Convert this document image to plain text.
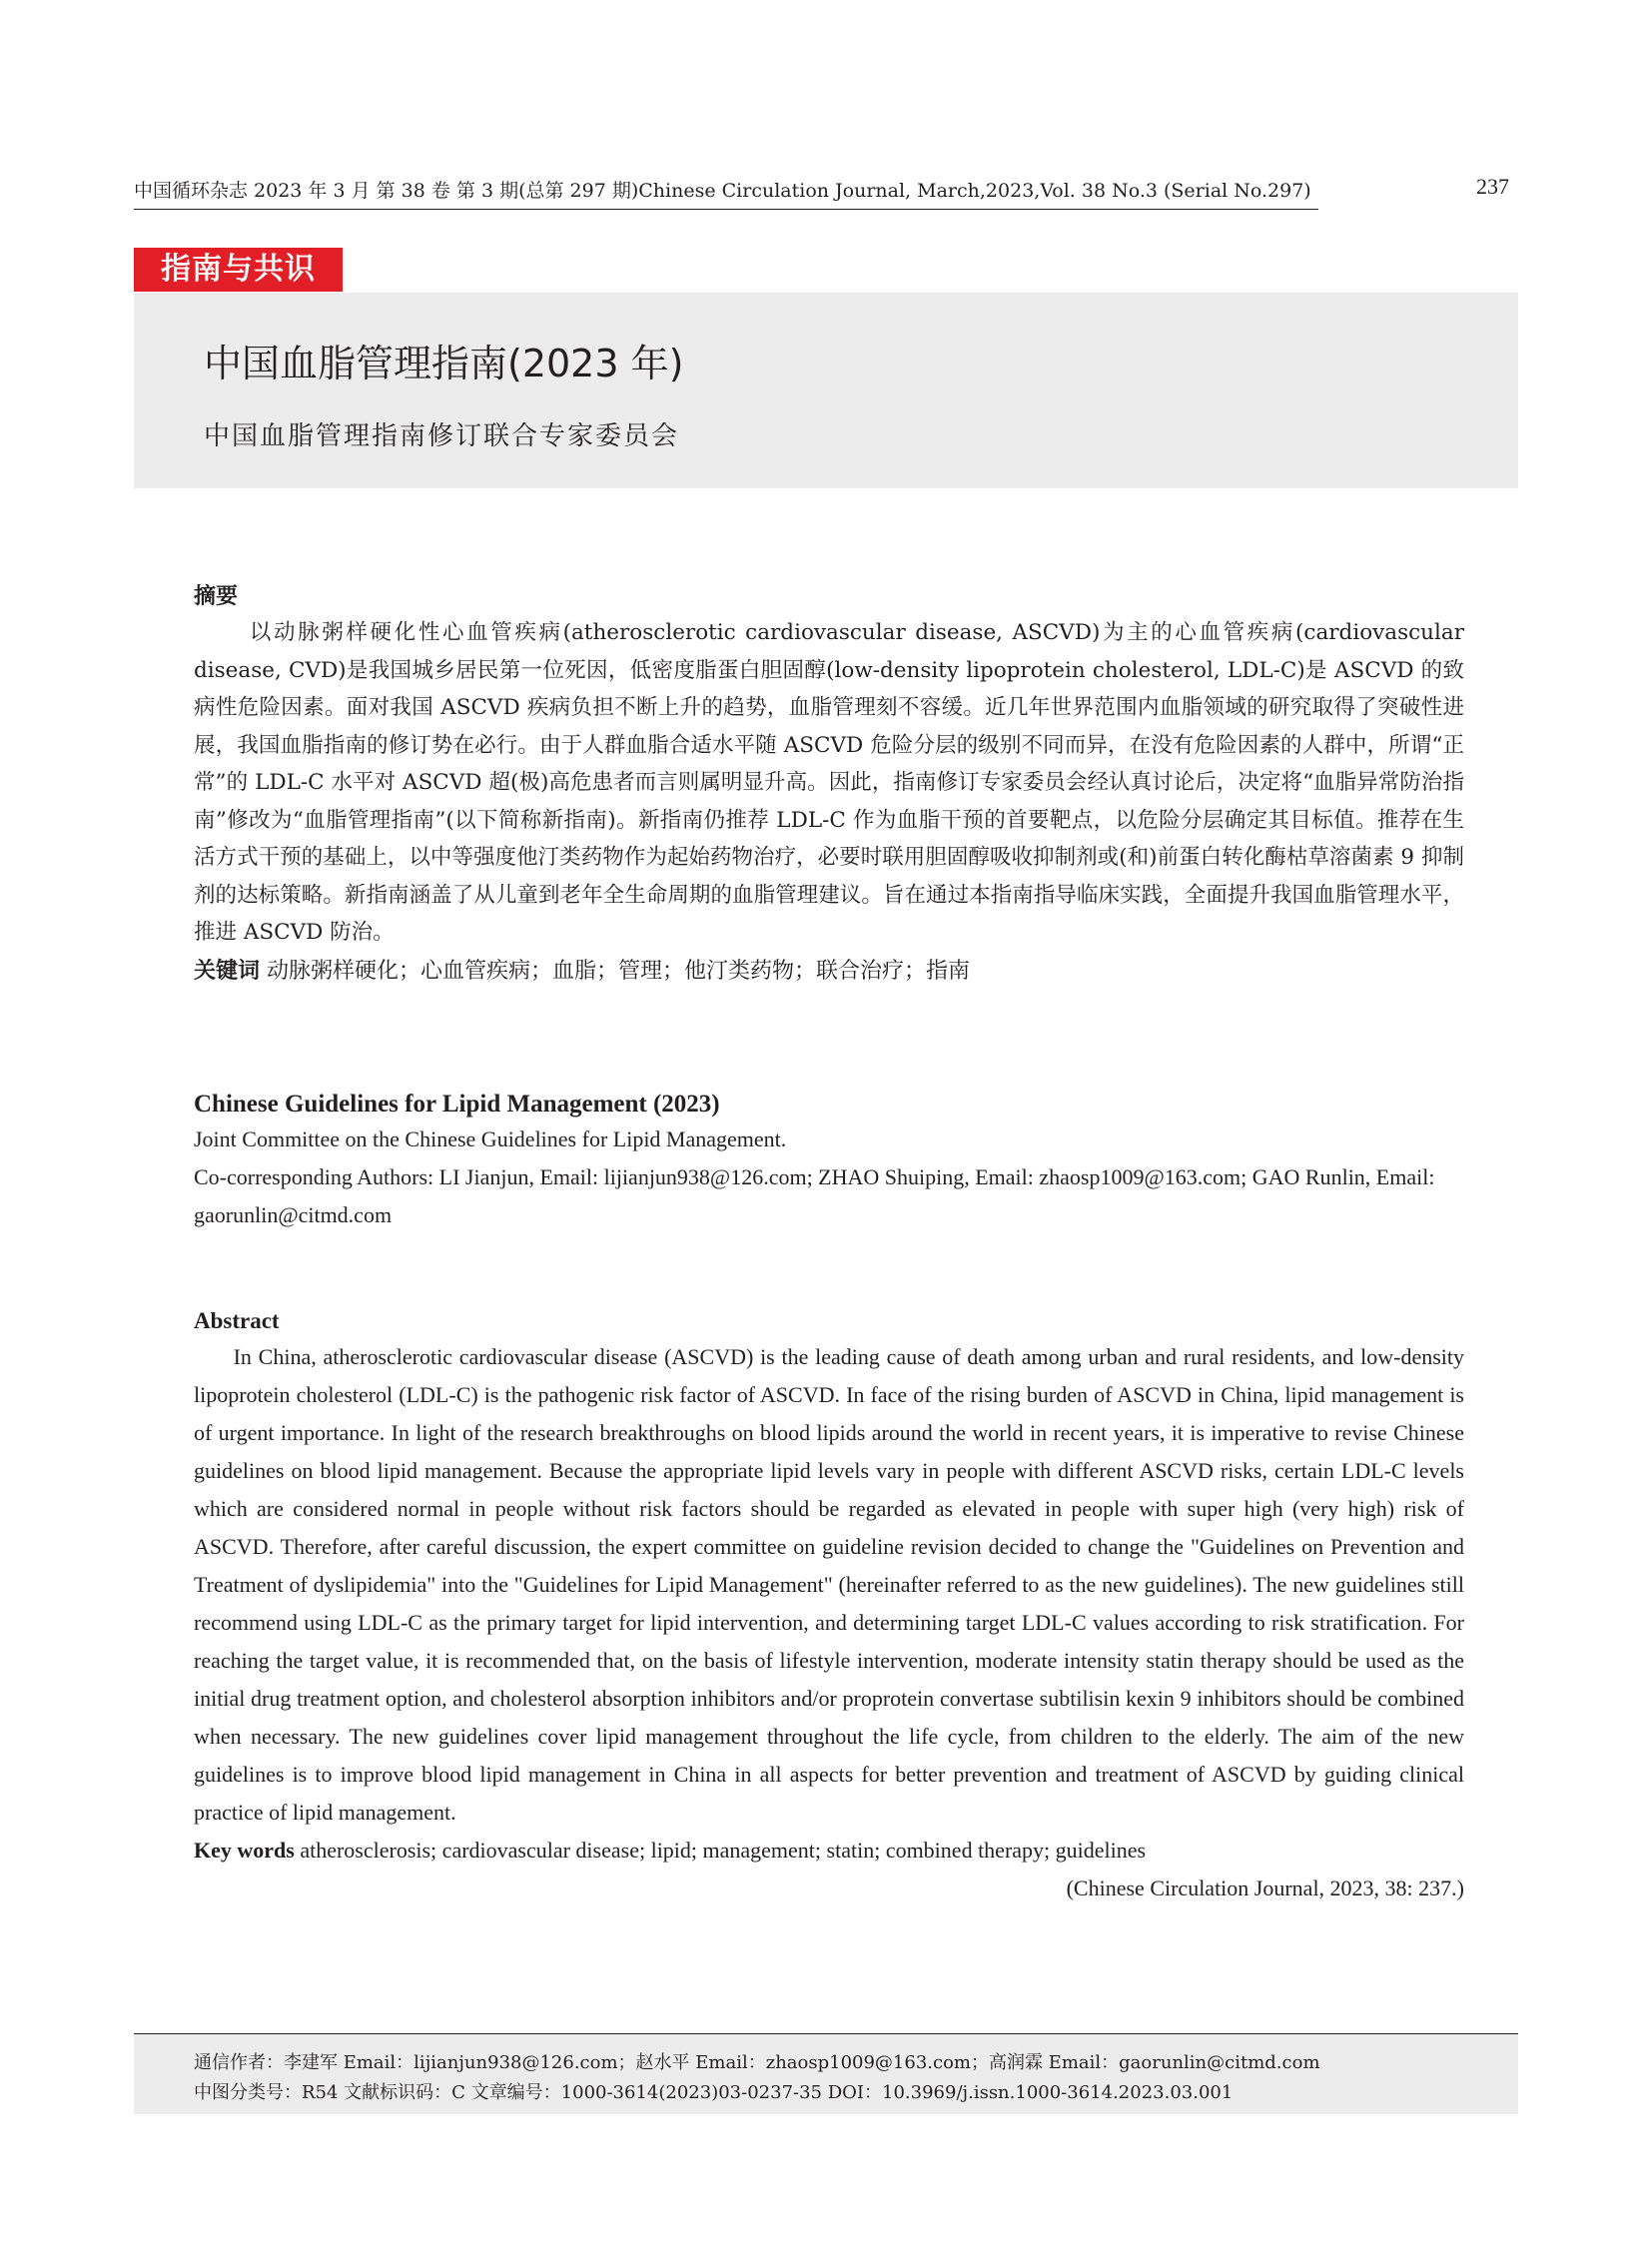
中国循环杂志 2023 年 3 月 第 38 卷 第 3 期(总第 297 期)Chinese Circulation Journal, March,2023,Vol. 38 No.3 (Serial No.297)	237
指南与共识
中国血脂管理指南(2023 年)
中国血脂管理指南修订联合专家委员会
摘要

以动脉粥样硬化性心血管疾病(atherosclerotic cardiovascular disease, ASCVD)为主的心血管疾病(cardiovascular disease, CVD)是我国城乡居民第一位死因，低密度脂蛋白胆固醇(low-density lipoprotein cholesterol, LDL-C)是 ASCVD 的致病性危险因素。面对我国 ASCVD 疾病负担不断上升的趋势，血脂管理刻不容缓。近几年世界范围内血脂领域的研究取得了突破性进展，我国血脂指南的修订势在必行。由于人群血脂合适水平随 ASCVD 危险分层的级别不同而异，在没有危险因素的人群中，所谓“正常”的 LDL-C 水平对 ASCVD 超(极)高危患者而言则属明显升高。因此，指南修订专家委员会经认真讨论后，决定将“血脂异常防治指南”修改为“血脂管理指南”(以下简称新指南)。新指南仍推荐 LDL-C 作为血脂干预的首要靶点，以危险分层确定其目标值。推荐在生活方式干预的基础上，以中等强度他汀类药物作为起始药物治疗，必要时联用胆固醇吸收抑制剂或(和)前蛋白转化酶枯草溶菌素 9 抑制剂的达标策略。新指南涵盖了从儿童到老年全生命周期的血脂管理建议。旨在通过本指南指导临床实践，全面提升我国血脂管理水平，推进 ASCVD 防治。

关键词 动脉粥样硬化；心血管疾病；血脂；管理；他汀类药物；联合治疗；指南
Chinese Guidelines for Lipid Management (2023)
Joint Committee on the Chinese Guidelines for Lipid Management.
Co-corresponding Authors: LI Jianjun, Email: lijianjun938@126.com; ZHAO Shuiping, Email: zhaosp1009@163.com; GAO Runlin, Email: gaorunlin@citmd.com
Abstract

In China, atherosclerotic cardiovascular disease (ASCVD) is the leading cause of death among urban and rural residents, and low-density lipoprotein cholesterol (LDL-C) is the pathogenic risk factor of ASCVD. In face of the rising burden of ASCVD in China, lipid management is of urgent importance. In light of the research breakthroughs on blood lipids around the world in recent years, it is imperative to revise Chinese guidelines on blood lipid management. Because the appropriate lipid levels vary in people with different ASCVD risks, certain LDL-C levels which are considered normal in people without risk factors should be regarded as elevated in people with super high (very high) risk of ASCVD. Therefore, after careful discussion, the expert committee on guideline revision decided to change the "Guidelines on Prevention and Treatment of dyslipidemia" into the "Guidelines for Lipid Management" (hereinafter referred to as the new guidelines). The new guidelines still recommend using LDL-C as the primary target for lipid intervention, and determining target LDL-C values according to risk stratification. For reaching the target value, it is recommended that, on the basis of lifestyle intervention, moderate intensity statin therapy should be used as the initial drug treatment option, and cholesterol absorption inhibitors and/or proprotein convertase subtilisin kexin 9 inhibitors should be combined when necessary. The new guidelines cover lipid management throughout the life cycle, from children to the elderly. The aim of the new guidelines is to improve blood lipid management in China in all aspects for better prevention and treatment of ASCVD by guiding clinical practice of lipid management.

Key words atherosclerosis; cardiovascular disease; lipid; management; statin; combined therapy; guidelines
(Chinese Circulation Journal, 2023, 38: 237.)
通信作者：李建军 Email：lijianjun938@126.com；赵水平 Email：zhaosp1009@163.com；高润霖 Email：gaorunlin@citmd.com
中图分类号：R54 文献标识码：C 文章编号：1000-3614(2023)03-0237-35 DOI：10.3969/j.issn.1000-3614.2023.03.001
